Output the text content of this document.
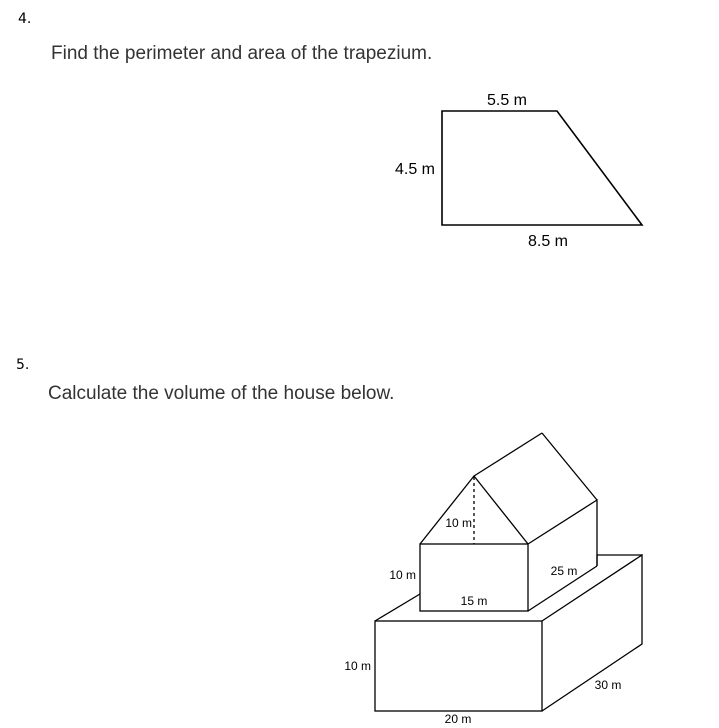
4.
Find the perimeter and area of the trapezium.
5.
Calculate the volume of the house below.
5.5 m
4.5 m
8.5 m
10 m
10 m
15 m
25 m
10 m
20 m
30 m
